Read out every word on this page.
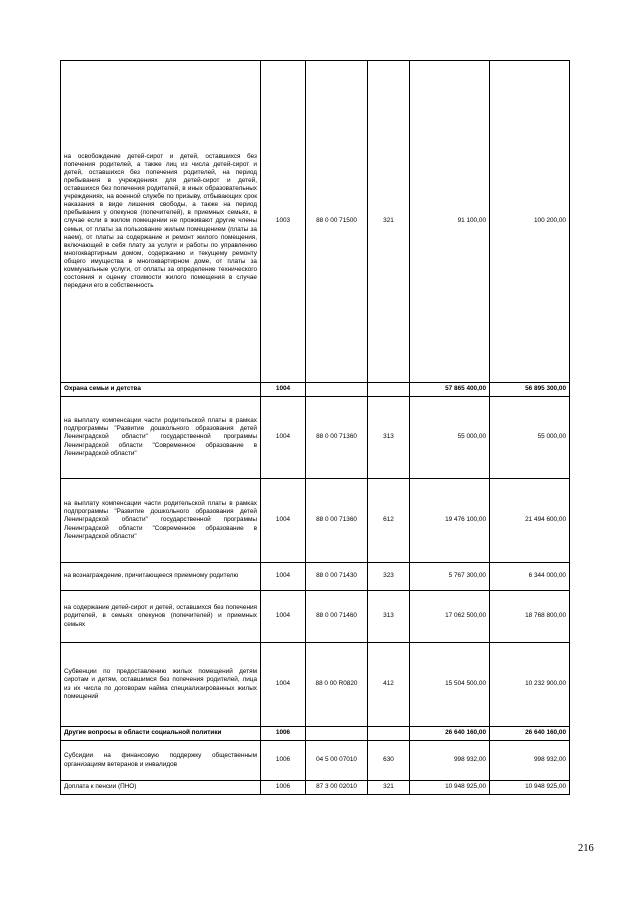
на освобождение детей-сирот и детей, оставшихся без попечения родителей, а также лиц из числа детей-сирот и детей, оставшихся без попечения родителей, на период пребывания в учреждениях для детей-сирот и детей, оставшихся без попечения родителей, в иных образовательных учреждениях, на военной службе по призыву, отбывающих срок наказания в виде лишения свободы, а также на период пребывания у опекунов (попечителей), в приемных семьях, в случае если в жилом помещении не проживают другие члены семьи, от платы за пользование жилым помещением (платы за наем), от платы за содержание и ремонт жилого помещения, включающей в себя плату за услуги и работы по управлению многоквартирным домом, содержанию и текущему ремонту общего имущества в многоквартирном доме, от платы за коммунальные услуги, от оплаты за определение технического состояния и оценку стоимости жилого помещения в случае передачи его в собственность	1003	88 0 00 71500	321	91 100,00	100 200,00
Охрана семьи и детства	1004			57 865 400,00	56 895 300,00
на выплату компенсации части родительской платы в рамках подпрограммы "Развитие дошкольного образования детей Ленинградской области" государственной программы Ленинградской области "Современное образование в Ленинградской области"	1004	88 0 00 71360	313	55 000,00	55 000,00
на выплату компенсации части родительской платы в рамках подпрограммы "Развитие дошкольного образования детей Ленинградской области" государственной программы Ленинградской области "Современное образование в Ленинградской области"	1004	88 0 00 71360	612	19 476 100,00	21 494 600,00
на вознаграждение, причитающееся приемному родителю	1004	88 0 00 71430	323	5 767 300,00	6 344 000,00
на содержание детей-сирот и детей, оставшихся без попечения родителей, в семьях опекунов (попечителей) и приемных семьях	1004	88 0 00 71460	313	17 062 500,00	18 768 800,00
Субвенции по предоставлению жилых помещений детям сиротам и детям, оставшимся без попечения родителей, лица из их числа по договорам найма специализированных жилых помещений	1004	88 0 00 R0820	412	15 504 500,00	10 232 900,00
Другие вопросы в области социальной политики	1006			26 640 160,00	26 640 160,00
Субсидии на финансовую поддержку общественным организациям ветеранов и инвалидов	1006	04 5 00 07010	630	998 932,00	998 932,00
Доплата к пенсии (ПНО)	1006	87 3 00 02010	321	10 948 925,00	10 948 925,00
216
